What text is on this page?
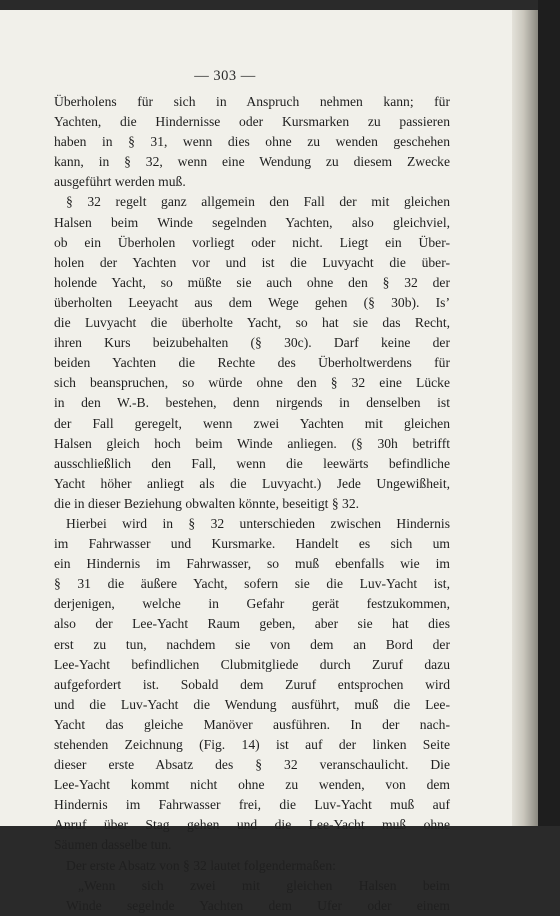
— 303 —

Überholens für sich in Anspruch nehmen kann; für

Yachten, die Hindernisse oder Kursmarken zu passieren

haben in § 31, wenn dies ohne zu wenden geschehen

kann, in § 32, wenn eine Wendung zu diesem Zwecke

ausgeführt werden muß.

§ 32 regelt ganz allgemein den Fall der mit gleichen

Halsen beim Winde segelnden Yachten, also gleichviel,

ob ein Überholen vorliegt oder nicht. Liegt ein Über-

holen der Yachten vor und ist die Luvyacht die über-

holende Yacht, so müßte sie auch ohne den § 32 der

überholten Leeyacht aus dem Wege gehen (§ 30b). Is’

die Luvyacht die überholte Yacht, so hat sie das Recht,

ihren Kurs beizubehalten (§ 30c). Darf keine der

beiden Yachten die Rechte des Überholtwerdens für

sich beanspruchen, so würde ohne den § 32 eine Lücke

in den W.-B. bestehen, denn nirgends in denselben ist

der Fall geregelt, wenn zwei Yachten mit gleichen

Halsen gleich hoch beim Winde anliegen. (§ 30h betrifft

ausschließlich den Fall, wenn die leewärts befindliche

Yacht höher anliegt als die Luvyacht.) Jede Ungewißheit,

die in dieser Beziehung obwalten könnte, beseitigt § 32.

Hierbei wird in § 32 unterschieden zwischen Hindernis

im Fahrwasser und Kursmarke. Handelt es sich um

ein Hindernis im Fahrwasser, so muß ebenfalls wie im

§ 31 die äußere Yacht, sofern sie die Luv-Yacht ist,

derjenigen, welche in Gefahr gerät festzukommen,

also der Lee-Yacht Raum geben, aber sie hat dies

erst zu tun, nachdem sie von dem an Bord der

Lee-Yacht befindlichen Clubmitgliede durch Zuruf dazu

aufgefordert ist. Sobald dem Zuruf entsprochen wird

und die Luv-Yacht die Wendung ausführt, muß die Lee-

Yacht das gleiche Manöver ausführen. In der nach-

stehenden Zeichnung (Fig. 14) ist auf der linken Seite

dieser erste Absatz des § 32 veranschaulicht. Die

Lee-Yacht kommt nicht ohne zu wenden, von dem

Hindernis im Fahrwasser frei, die Luv-Yacht muß auf

Anruf über Stag gehen und die Lee-Yacht muß ohne

Säumen dasselbe tun.

Der erste Absatz von § 32 lautet folgendermaßen:

„Wenn sich zwei mit gleichen Halsen beim

Winde segelnde Yachten dem Ufer oder einem
